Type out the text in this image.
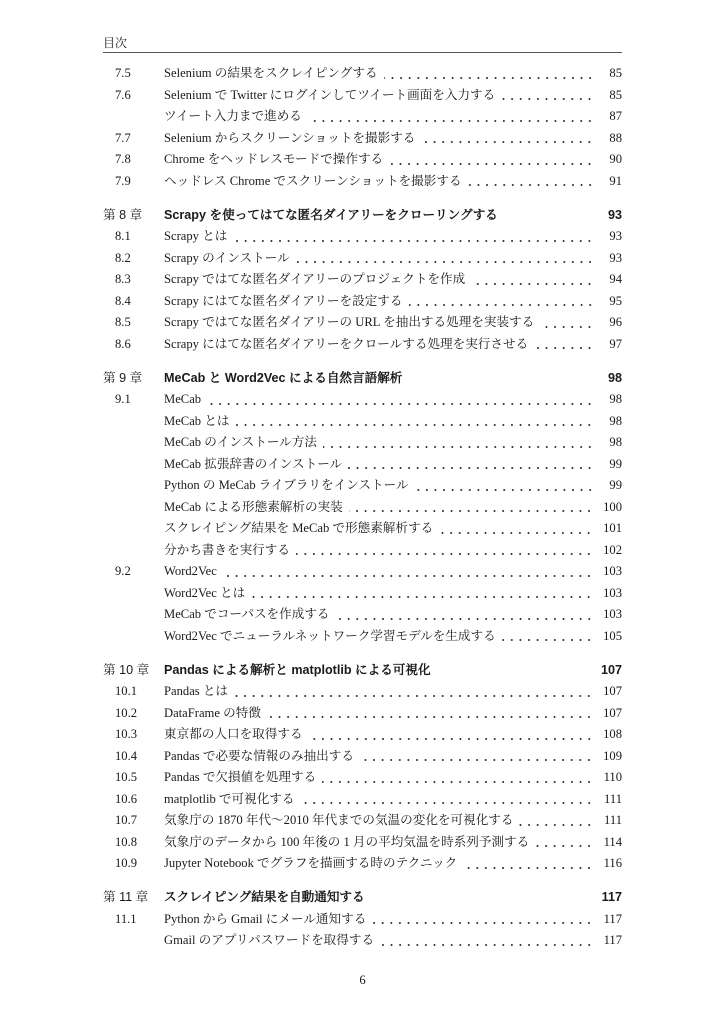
目次
7.5	Selenium の結果をスクレイピングする	85
7.6	Selenium で Twitter にログインしてツイート画面を入力する	85
ツイート入力まで進める	87
7.7	Selenium からスクリーンショットを撮影する	88
7.8	Chrome をヘッドレスモードで操作する	90
7.9	ヘッドレス Chrome でスクリーンショットを撮影する	91
第 8 章	Scrapy を使ってはてな匿名ダイアリーをクローリングする	93
8.1	Scrapy とは	93
8.2	Scrapy のインストール	93
8.3	Scrapy ではてな匿名ダイアリーのプロジェクトを作成	94
8.4	Scrapy にはてな匿名ダイアリーを設定する	95
8.5	Scrapy ではてな匿名ダイアリーの URL を抽出する処理を実装する	96
8.6	Scrapy にはてな匿名ダイアリーをクロールする処理を実行させる	97
第 9 章	MeCab と Word2Vec による自然言語解析	98
9.1	MeCab	98
MeCab とは	98
MeCab のインストール方法	98
MeCab 拡張辞書のインストール	99
Python の MeCab ライブラリをインストール	99
MeCab による形態素解析の実装	100
スクレイピング結果を MeCab で形態素解析する	101
分かち書きを実行する	102
9.2	Word2Vec	103
Word2Vec とは	103
MeCab でコーパスを作成する	103
Word2Vec でニューラルネットワーク学習モデルを生成する	105
第 10 章	Pandas による解析と matplotlib による可視化	107
10.1	Pandas とは	107
10.2	DataFrame の特徴	107
10.3	東京都の人口を取得する	108
10.4	Pandas で必要な情報のみ抽出する	109
10.5	Pandas で欠損値を処理する	110
10.6	matplotlib で可視化する	111
10.7	気象庁の 1870 年代〜2010 年代までの気温の変化を可視化する	111
10.8	気象庁のデータから 100 年後の 1 月の平均気温を時系列予測する	114
10.9	Jupyter Notebook でグラフを描画する時のテクニック	116
第 11 章	スクレイピング結果を自動通知する	117
11.1	Python から Gmail にメール通知する	117
Gmail のアプリパスワードを取得する	117
6
